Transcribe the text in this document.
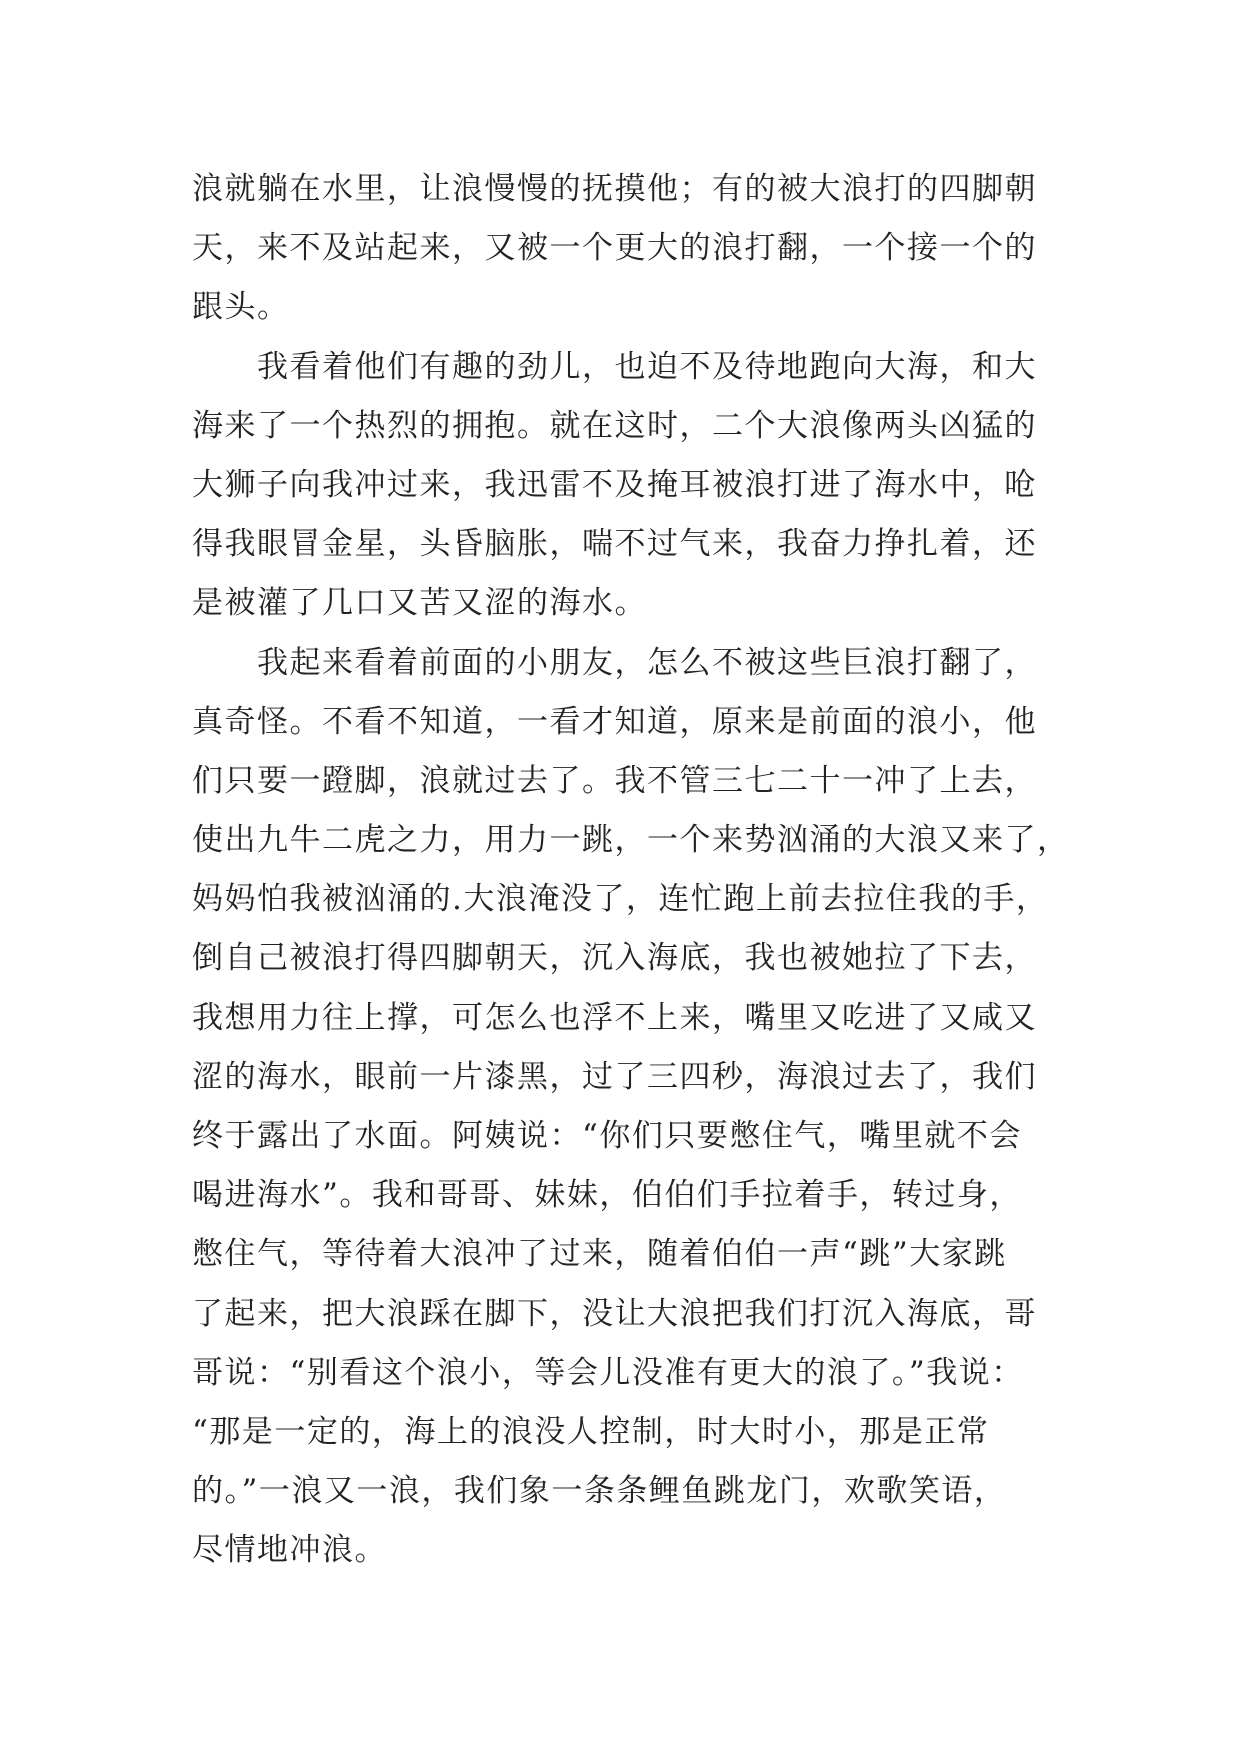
浪就躺在水里，让浪慢慢的抚摸他；有的被大浪打的四脚朝
天，来不及站起来，又被一个更大的浪打翻，一个接一个的
跟头。
　　我看着他们有趣的劲儿，也迫不及待地跑向大海，和大
海来了一个热烈的拥抱。就在这时，二个大浪像两头凶猛的
大狮子向我冲过来，我迅雷不及掩耳被浪打进了海水中，呛
得我眼冒金星，头昏脑胀，喘不过气来，我奋力挣扎着，还
是被灌了几口又苦又涩的海水。
　　我起来看着前面的小朋友，怎么不被这些巨浪打翻了，
真奇怪。不看不知道，一看才知道，原来是前面的浪小，他
们只要一蹬脚，浪就过去了。我不管三七二十一冲了上去，
使出九牛二虎之力，用力一跳，一个来势汹涌的大浪又来了，
妈妈怕我被汹涌的.大浪淹没了，连忙跑上前去拉住我的手，
倒自己被浪打得四脚朝天，沉入海底，我也被她拉了下去，
我想用力往上撑，可怎么也浮不上来，嘴里又吃进了又咸又
涩的海水，眼前一片漆黑，过了三四秒，海浪过去了，我们
终于露出了水面。阿姨说：“你们只要憋住气，嘴里就不会
喝进海水”。我和哥哥、妹妹，伯伯们手拉着手，转过身，
憋住气，等待着大浪冲了过来，随着伯伯一声“跳”大家跳
了起来，把大浪踩在脚下，没让大浪把我们打沉入海底，哥
哥说：“别看这个浪小，等会儿没准有更大的浪了。”我说：
“那是一定的，海上的浪没人控制，时大时小，那是正常
的。”一浪又一浪，我们象一条条鲤鱼跳龙门，欢歌笑语，
尽情地冲浪。
